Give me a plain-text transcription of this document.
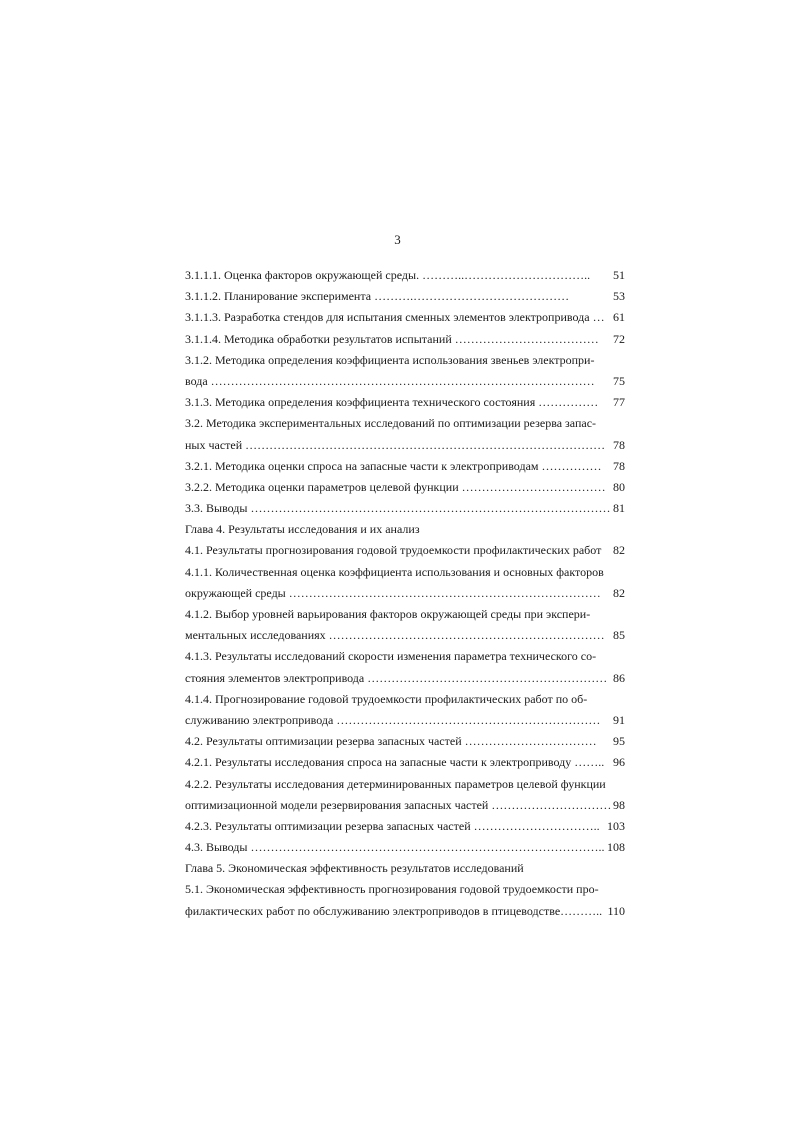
3
3.1.1.1. Оценка факторов окружающей среды. ………..………………………….. 51
3.1.1.2. Планирование эксперимента ……….…………………………………	53
3.1.1.3. Разработка стендов для испытания сменных элементов электропривода … 61
3.1.1.4. Методика обработки результатов испытаний ……………………………… 72
3.1.2. Методика определения коэффициента использования звеньев электропри-
вода …………………………………………………………………………………… 75
3.1.3. Методика определения коэффициента технического состояния …………… 77
3.2. Методика экспериментальных исследований по оптимизации резерва запас-
ных частей ……………………………………………………………………………… 78
3.2.1. Методика оценки спроса на запасные части к электроприводам …………… 78
3.2.2. Методика оценки параметров целевой функции ……………………………… 80
3.3. Выводы ……………………………………………………………………………… 81
Глава 4. Результаты исследования и их анализ
4.1. Результаты прогнозирования годовой трудоемкости профилактических работ 82
4.1.1. Количественная оценка коэффициента использования и основных факторов
окружающей среды …………………………………………………………………… 82
4.1.2. Выбор уровней варьирования факторов окружающей среды при экспери-
ментальных исследованиях …………………………………………………………… 85
4.1.3. Результаты исследований скорости изменения параметра технического со-
стояния элементов электропривода …………………………………………………… 86
4.1.4. Прогнозирование годовой трудоемкости профилактических работ по об-
служиванию электропривода ………………………………………………………… 91
4.2. Результаты оптимизации резерва запасных частей …………………………… 95
4.2.1. Результаты исследования спроса на запасные части к электроприводу …….. 96
4.2.2. Результаты исследования детерминированных параметров целевой функции
оптимизационной модели резервирования запасных частей ………………………… 98
4.2.3. Результаты оптимизации резерва запасных частей ………………………….. 103
4.3. Выводы …………………………………………………………………………….. 108
Глава 5. Экономическая эффективность результатов исследований
5.1. Экономическая эффективность прогнозирования годовой трудоемкости про-
филактических работ по обслуживанию электроприводов в птицеводстве……….. 110
